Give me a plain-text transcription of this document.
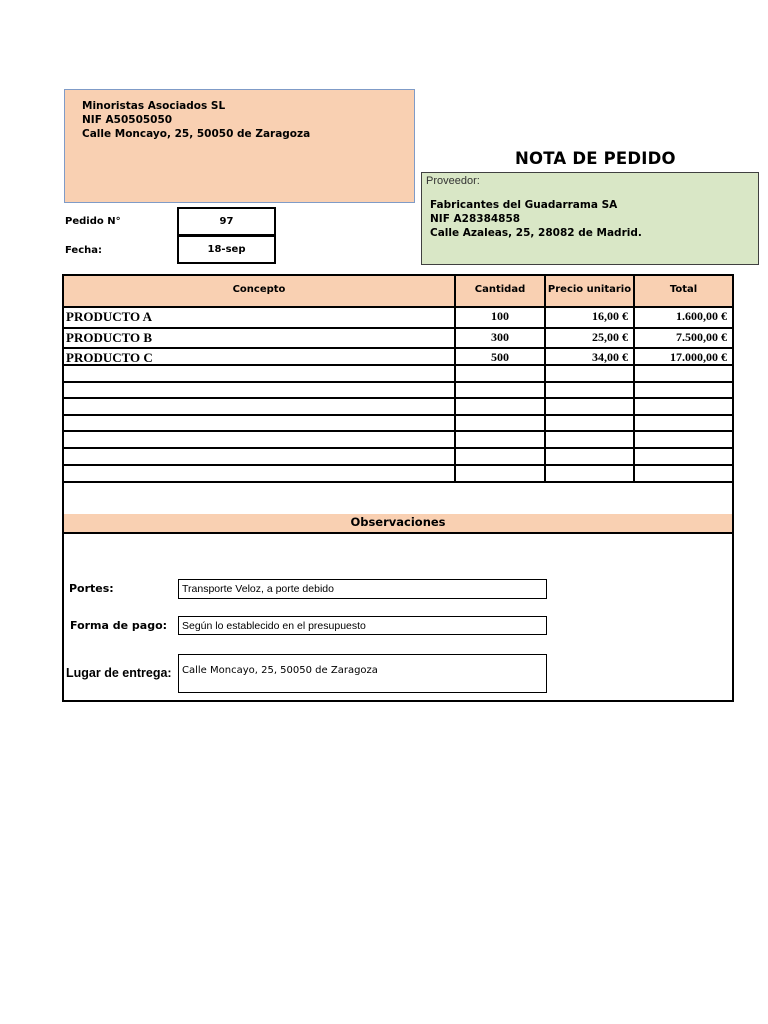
Minoristas Asociados SL
NIF A50505050
Calle Moncayo, 25, 50050 de Zaragoza
NOTA DE PEDIDO
Proveedor:
Fabricantes del Guadarrama SA
NIF A28384858
Calle Azaleas, 25, 28082 de Madrid.
Pedido N°	97
Fecha:	18-sep
Concepto	Cantidad	Precio unitario	Total
PRODUCTO A	100	16,00 €	1.600,00 €
PRODUCTO B	300	25,00 €	7.500,00 €
PRODUCTO C	500	34,00 €	17.000,00 €
Observaciones
Portes:	Transporte Veloz, a porte debido
Forma de pago: Según lo establecido en el presupuesto
Lugar de entrega: Calle Moncayo, 25, 50050 de Zaragoza
